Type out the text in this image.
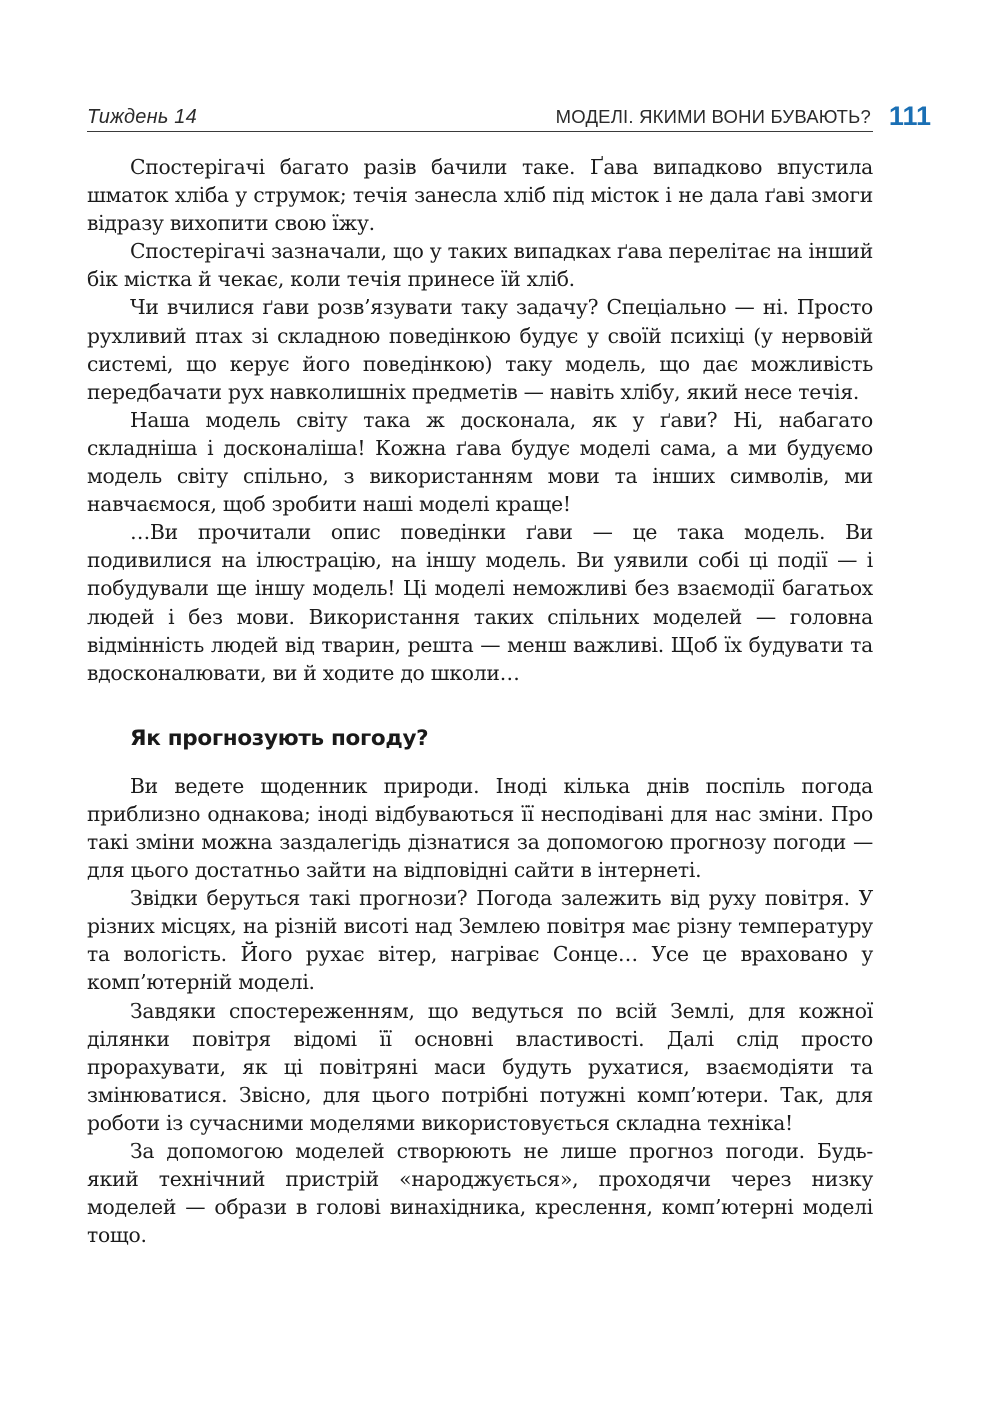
Тиждень 14	МОДЕЛІ. ЯКИМИ ВОНИ БУВАЮТЬ? 111

Спостерігачі багато разів бачили таке. Ґава випадково впустила шматок хліба у струмок; течія занесла хліб під місток і не дала ґаві змоги відразу вихопити свою їжу.

Спостерігачі зазначали, що у таких випадках ґава перелітає на інший бік містка й чекає, коли течія принесе їй хліб.

Чи вчилися ґави розв’язувати таку задачу? Спеціально — ні. Просто рухливий птах зі складною поведінкою будує у своїй психіці (у нервовій системі, що керує його поведінкою) таку модель, що дає можливість передбачати рух навколишніх предметів — навіть хлібу, який несе течія.

Наша модель світу така ж досконала, як у ґави? Ні, набагато складніша і досконаліша! Кожна ґава будує моделі сама, а ми будуємо модель світу спільно, з використанням мови та інших символів, ми навчаємося, щоб зробити наші моделі краще!

…Ви прочитали опис поведінки ґави — це така модель. Ви подивилися на ілюстрацію, на іншу модель. Ви уявили собі ці події — і побудували ще іншу модель! Ці моделі неможливі без взаємодії багатьох людей і без мови. Використання таких спільних моделей — головна відмінність людей від тварин, решта — менш важливі. Щоб їх будувати та вдосконалювати, ви й ходите до школи…

Як прогнозують погоду?

Ви ведете щоденник природи. Іноді кілька днів поспіль погода приблизно однакова; іноді відбуваються її несподівані для нас зміни. Про такі зміни можна заздалегідь дізнатися за допомогою прогнозу погоди — для цього достатньо зайти на відповідні сайти в інтернеті.

Звідки беруться такі прогнози? Погода залежить від руху повітря. У різних місцях, на різній висоті над Землею повітря має різну температуру та вологість. Його рухає вітер, нагріває Сонце… Усе це враховано у комп’ютерній моделі.

Завдяки спостереженням, що ведуться по всій Землі, для кожної ділянки повітря відомі її основні властивості. Далі слід просто прорахувати, як ці повітряні маси будуть рухатися, взаємодіяти та змінюватися. Звісно, для цього потрібні потужні комп’ютери. Так, для роботи із сучасними моделями використовується складна техніка!

За допомогою моделей створюють не лише прогноз погоди. Будь-який технічний пристрій «народжується», проходячи через низку моделей — образи в голові винахідника, креслення, комп’ютерні моделі тощо.
